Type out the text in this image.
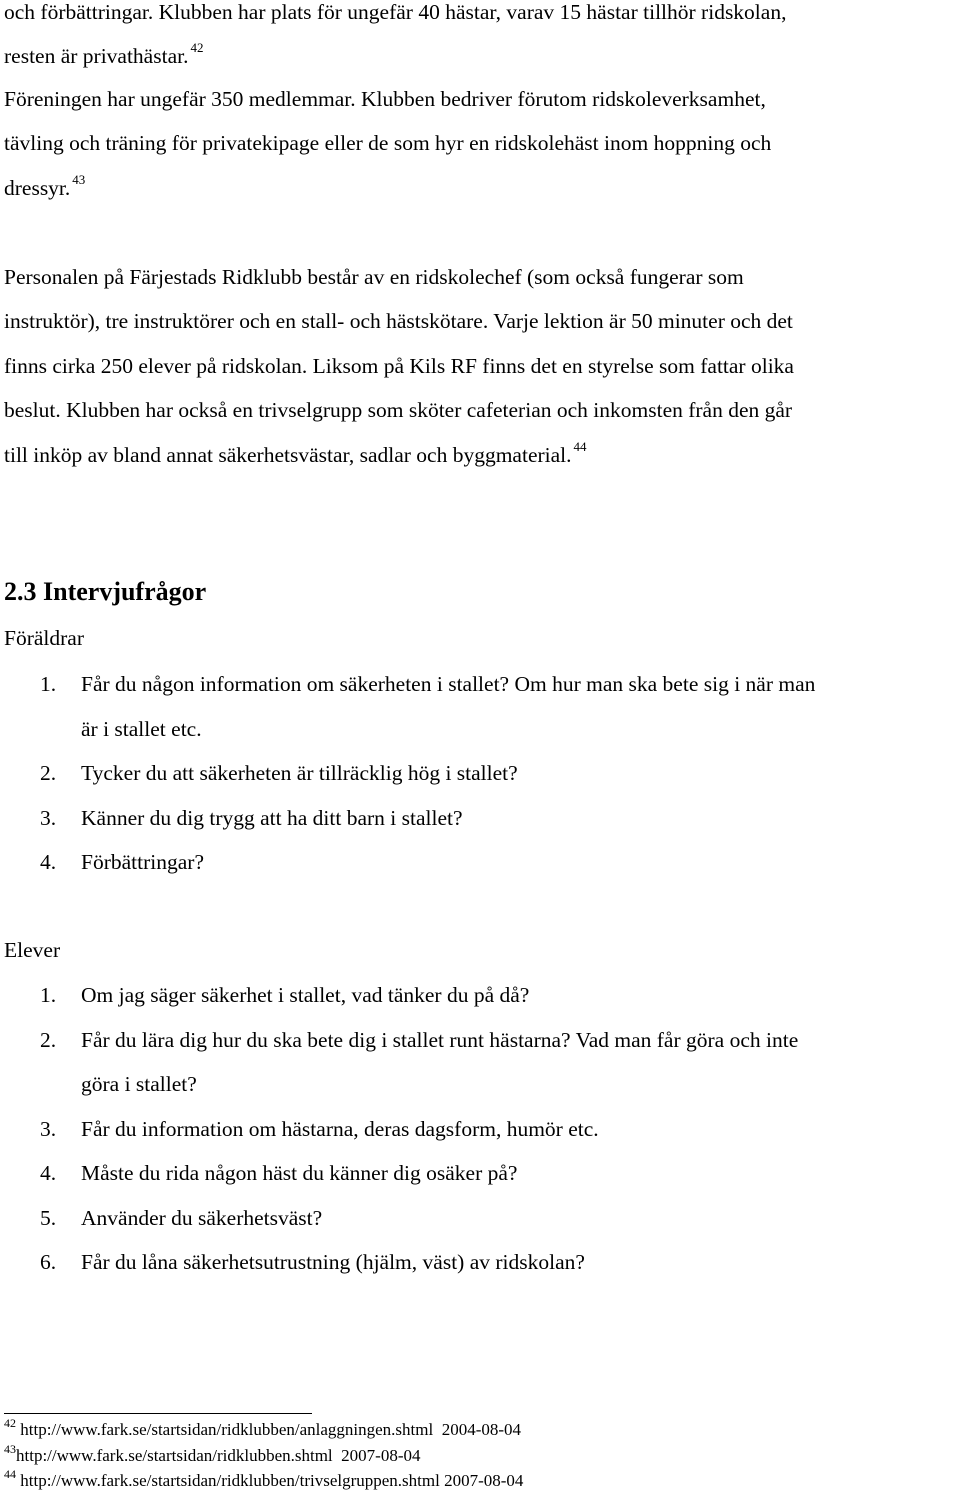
och förbättringar. Klubben har plats för ungefär 40 hästar, varav 15 hästar tillhör ridskolan,

resten är privathästar. $^{42}$

Föreningen har ungefär 350 medlemmar. Klubben bedriver förutom ridskoleverksamhet,

tävling och träning för privatekipage eller de som hyr en ridskolehäst inom hoppning och

dressyr. $^{43}$

Personalen på Färjestads Ridklubb består av en ridskolechef (som också fungerar som

instruktör), tre instruktörer och en stall- och hästskötare. Varje lektion är 50 minuter och det

finns cirka 250 elever på ridskolan. Liksom på Kils RF finns det en styrelse som fattar olika

beslut. Klubben har också en trivselgrupp som sköter cafeterian och inkomsten från den går

till inköp av bland annat säkerhetsvästar, sadlar och byggmaterial. $^{44}$

2.3 Intervjufrågor

Föräldrar

1. Får du någon information om säkerheten i stallet? Om hur man ska bete sig i när man
är i stallet etc.
2. Tycker du att säkerheten är tillräcklig hög i stallet?
3. Känner du dig trygg att ha ditt barn i stallet?
4. Förbättringar?

Elever

1. Om jag säger säkerhet i stallet, vad tänker du på då?
2. Får du lära dig hur du ska bete dig i stallet runt hästarna? Vad man får göra och inte
göra i stallet?
3. Får du information om hästarna, deras dagsform, humör etc.
4. Måste du rida någon häst du känner dig osäker på?
5. Använder du säkerhetsväst?
6. Får du låna säkerhetsutrustning (hjälm, väst) av ridskolan?
$^{42}$ http://www.fark.se/startsidan/ridklubben/anlaggningen.shtml  2004-08-04
$^{43}$http://www.fark.se/startsidan/ridklubben.shtml  2007-08-04
$^{44}$ http://www.fark.se/startsidan/ridklubben/trivselgruppen.shtml 2007-08-04
